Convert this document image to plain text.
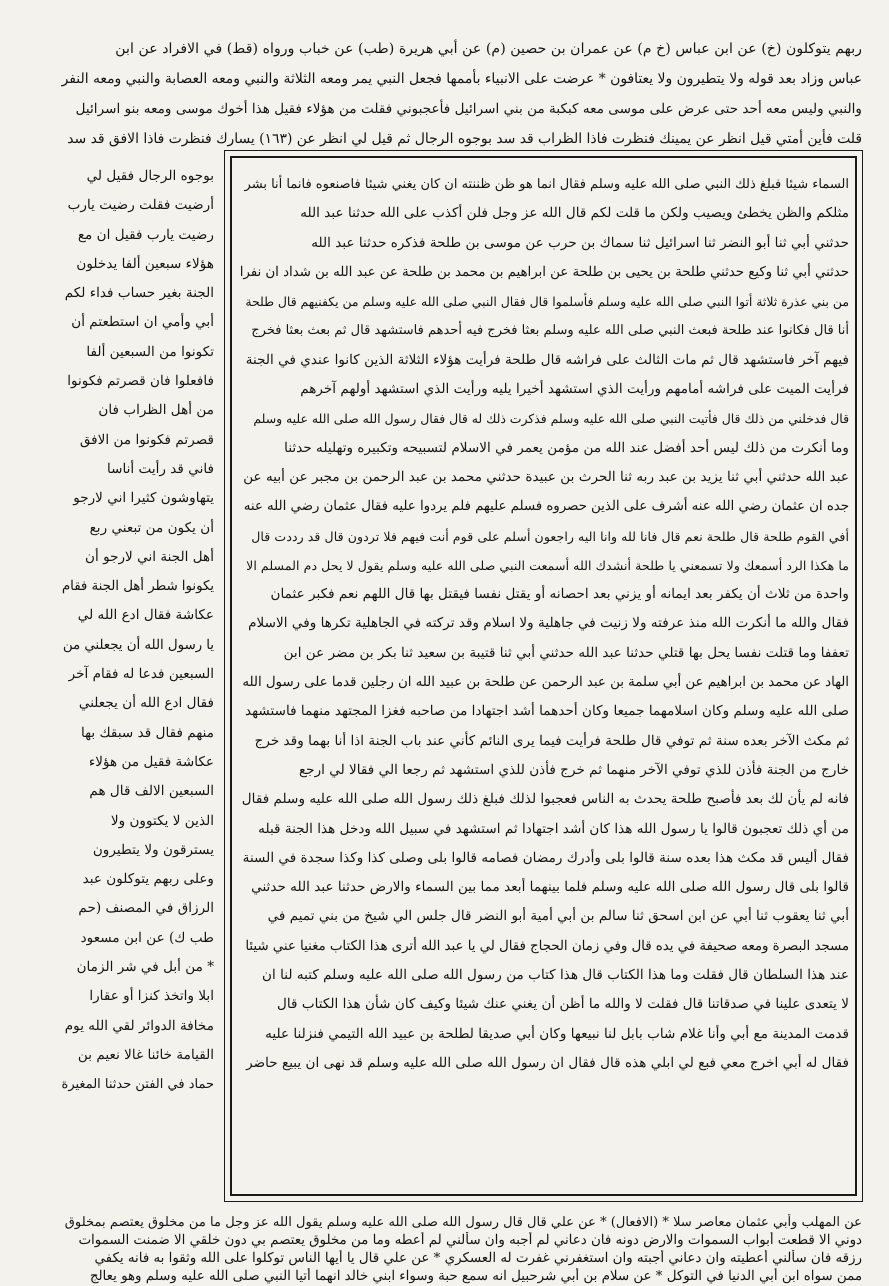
ربهم يتوكلون (خ) عن ابن عباس (خ م) عن عمران بن حصين (م) عن أبي هريرة (طب) عن خباب ورواه (قط) في الافراد عن ابن
عباس وزاد بعد قوله ولا يتطيرون ولا يعتافون * عرضت على الانبياء بأممها فجعل النبي يمر ومعه الثلاثة والنبي ومعه العصابة والنبي ومعه النفر
والنبي وليس معه أحد حتى عرض على موسى معه كبكبة من بني اسرائيل فأعجبوني فقلت من هؤلاء فقيل هذا أخوك موسى ومعه بنو اسرائيل
قلت فأين أمتي قيل انظر عن يمينك فنظرت فاذا الظراب قد سد بوجوه الرجال ثم قيل لي انظر عن (١٦٣) يسارك فنظرت فاذا الافق قد سد
السماء شيئا فبلغ ذلك النبي صلى الله عليه وسلم فقال انما هو ظن ظننته ان كان يغني شيئا فاصنعوه فانما أنا بشر
مثلكم والظن يخطئ ويصيب ولكن ما قلت لكم قال الله عز وجل فلن أكذب على الله حدثنا عبد الله
حدثني أبي ثنا أبو النضر ثنا اسرائيل ثنا سماك بن حرب عن موسى بن طلحة فذكره حدثنا عبد الله
حدثني أبي ثنا وكيع حدثني طلحة بن يحيى بن طلحة عن ابراهيم بن محمد بن طلحة عن عبد الله بن شداد ان نفرا
من بني عذرة ثلاثة أتوا النبي صلى الله عليه وسلم فأسلموا قال فقال النبي صلى الله عليه وسلم من يكفنيهم قال طلحة
أنا قال فكانوا عند طلحة فبعث النبي صلى الله عليه وسلم بعثا فخرج فيه أحدهم فاستشهد قال ثم بعث بعثا فخرج
فيهم آخر فاستشهد قال ثم مات الثالث على فراشه قال طلحة فرأيت هؤلاء الثلاثة الذين كانوا عندي في الجنة
فرأيت الميت على فراشه أمامهم ورأيت الذي استشهد أخيرا يليه ورأيت الذي استشهد أولهم آخرهم
قال فدخلني من ذلك قال فأتيت النبي صلى الله عليه وسلم فذكرت ذلك له قال فقال رسول الله صلى الله عليه وسلم
وما أنكرت من ذلك ليس أحد أفضل عند الله من مؤمن يعمر في الاسلام لتسبيحه وتكبيره وتهليله حدثنا
عبد الله حدثني أبي ثنا يزيد بن عبد ربه ثنا الحرث بن عبيدة حدثني محمد بن عبد الرحمن بن مجبر عن أبيه عن
جده ان عثمان رضي الله عنه أشرف على الذين حصروه فسلم عليهم فلم يردوا عليه فقال عثمان رضي الله عنه
أفي القوم طلحة قال طلحة نعم قال فانا لله وانا اليه راجعون أسلم على قوم أنت فيهم فلا تردون قال قد رددت قال
ما هكذا الرد أسمعك ولا تسمعني يا طلحة أنشدك الله أسمعت النبي صلى الله عليه وسلم يقول لا يحل دم المسلم الا
واحدة من ثلاث أن يكفر بعد ايمانه أو يزني بعد احصانه أو يقتل نفسا فيقتل بها قال اللهم نعم فكبر عثمان
فقال والله ما أنكرت الله منذ عرفته ولا زنيت في جاهلية ولا اسلام وقد تركته في الجاهلية تكرها وفي الاسلام
تعففا وما قتلت نفسا يحل بها قتلي حدثنا عبد الله حدثني أبي ثنا قتيبة بن سعيد ثنا بكر بن مضر عن ابن
الهاد عن محمد بن ابراهيم عن أبي سلمة بن عبد الرحمن عن طلحة بن عبيد الله ان رجلين قدما على رسول الله
صلى الله عليه وسلم وكان اسلامهما جميعا وكان أحدهما أشد اجتهادا من صاحبه فغزا المجتهد منهما فاستشهد
ثم مكث الآخر بعده سنة ثم توفي قال طلحة فرأيت فيما يرى النائم كأني عند باب الجنة اذا أنا بهما وقد خرج
خارج من الجنة فأذن للذي توفي الآخر منهما ثم خرج فأذن للذي استشهد ثم رجعا الي فقالا لي ارجع
فانه لم يأن لك بعد فأصبح طلحة يحدث به الناس فعجبوا لذلك فبلغ ذلك رسول الله صلى الله عليه وسلم فقال
من أي ذلك تعجبون قالوا يا رسول الله هذا كان أشد اجتهادا ثم استشهد في سبيل الله ودخل هذا الجنة قبله
فقال أليس قد مكث هذا بعده سنة قالوا بلى وأدرك رمضان فصامه قالوا بلى وصلى كذا وكذا سجدة في السنة
قالوا بلى قال رسول الله صلى الله عليه وسلم فلما بينهما أبعد مما بين السماء والارض حدثنا عبد الله حدثني
أبي ثنا يعقوب ثنا أبي عن ابن اسحق ثنا سالم بن أبي أمية أبو النضر قال جلس الي شيخ من بني تميم في
مسجد البصرة ومعه صحيفة في يده قال وفي زمان الحجاج فقال لي يا عبد الله أترى هذا الكتاب مغنيا عني شيئا
عند هذا السلطان قال فقلت وما هذا الكتاب قال هذا كتاب من رسول الله صلى الله عليه وسلم كتبه لنا ان
لا يتعدى علينا في صدقاتنا قال فقلت لا والله ما أظن أن يغني عنك شيئا وكيف كان شأن هذا الكتاب قال
قدمت المدينة مع أبي وأنا غلام شاب بابل لنا نبيعها وكان أبي صديقا لطلحة بن عبيد الله التيمي فنزلنا عليه
فقال له أبي اخرج معي فبع لي ابلي هذه قال فقال ان رسول الله صلى الله عليه وسلم قد نهى ان يبيع حاضر
بوجوه الرجال فقيل لي
أرضيت فقلت رضيت يارب
رضيت يارب فقيل ان مع
هؤلاء سبعين ألفا يدخلون
الجنة بغير حساب فداء لكم
أبي وأمي ان استطعتم أن
تكونوا من السبعين ألفا
فافعلوا فان قصرتم فكونوا
من أهل الظراب فان
قصرتم فكونوا من الافق
فاني قد رأيت أناسا
يتهاوشون كثيرا اني لارجو
أن يكون من تبعني ربع
أهل الجنة اني لارجو أن
يكونوا شطر أهل الجنة فقام
عكاشة فقال ادع الله لي
يا رسول الله أن يجعلني من
السبعين فدعا له فقام آخر
فقال ادع الله أن يجعلني
منهم فقال قد سبقك بها
عكاشة فقيل من هؤلاء
السبعين الالف قال هم
الذين لا يكتوون ولا
يسترقون ولا يتطيرون
وعلى ربهم يتوكلون عبد
الرزاق في المصنف (حم
طب ك) عن ابن مسعود
* من أبل في شر الزمان
ابلا واتخذ كنزا أو عقارا
مخافة الدوائر لقي الله يوم
القيامة خائنا غالا نعيم بن
حماد في الفتن حدثنا المغيرة
عن المهلب وأبي عثمان معاصر سلا * (الافعال) * عن علي قال قال رسول الله صلى الله عليه وسلم يقول الله عز وجل ما من مخلوق يعتصم بمخلوق
دوني الا قطعت أبواب السموات والارض دونه فان دعاني لم أجبه وان سألني لم أعطه وما من مخلوق يعتصم بي دون خلقي الا ضمنت السموات
رزقه فان سألني أعطيته وان دعاني أجبته وان استغفرني غفرت له العسكري * عن علي قال يا أيها الناس توكلوا على الله وثقوا به فانه يكفي
ممن سواه ابن أبي الدنيا في التوكل * عن سلام بن أبي شرحبيل انه سمع حبة وسواء ابني خالد انهما أتيا النبي صلى الله عليه وسلم وهو يعالج
